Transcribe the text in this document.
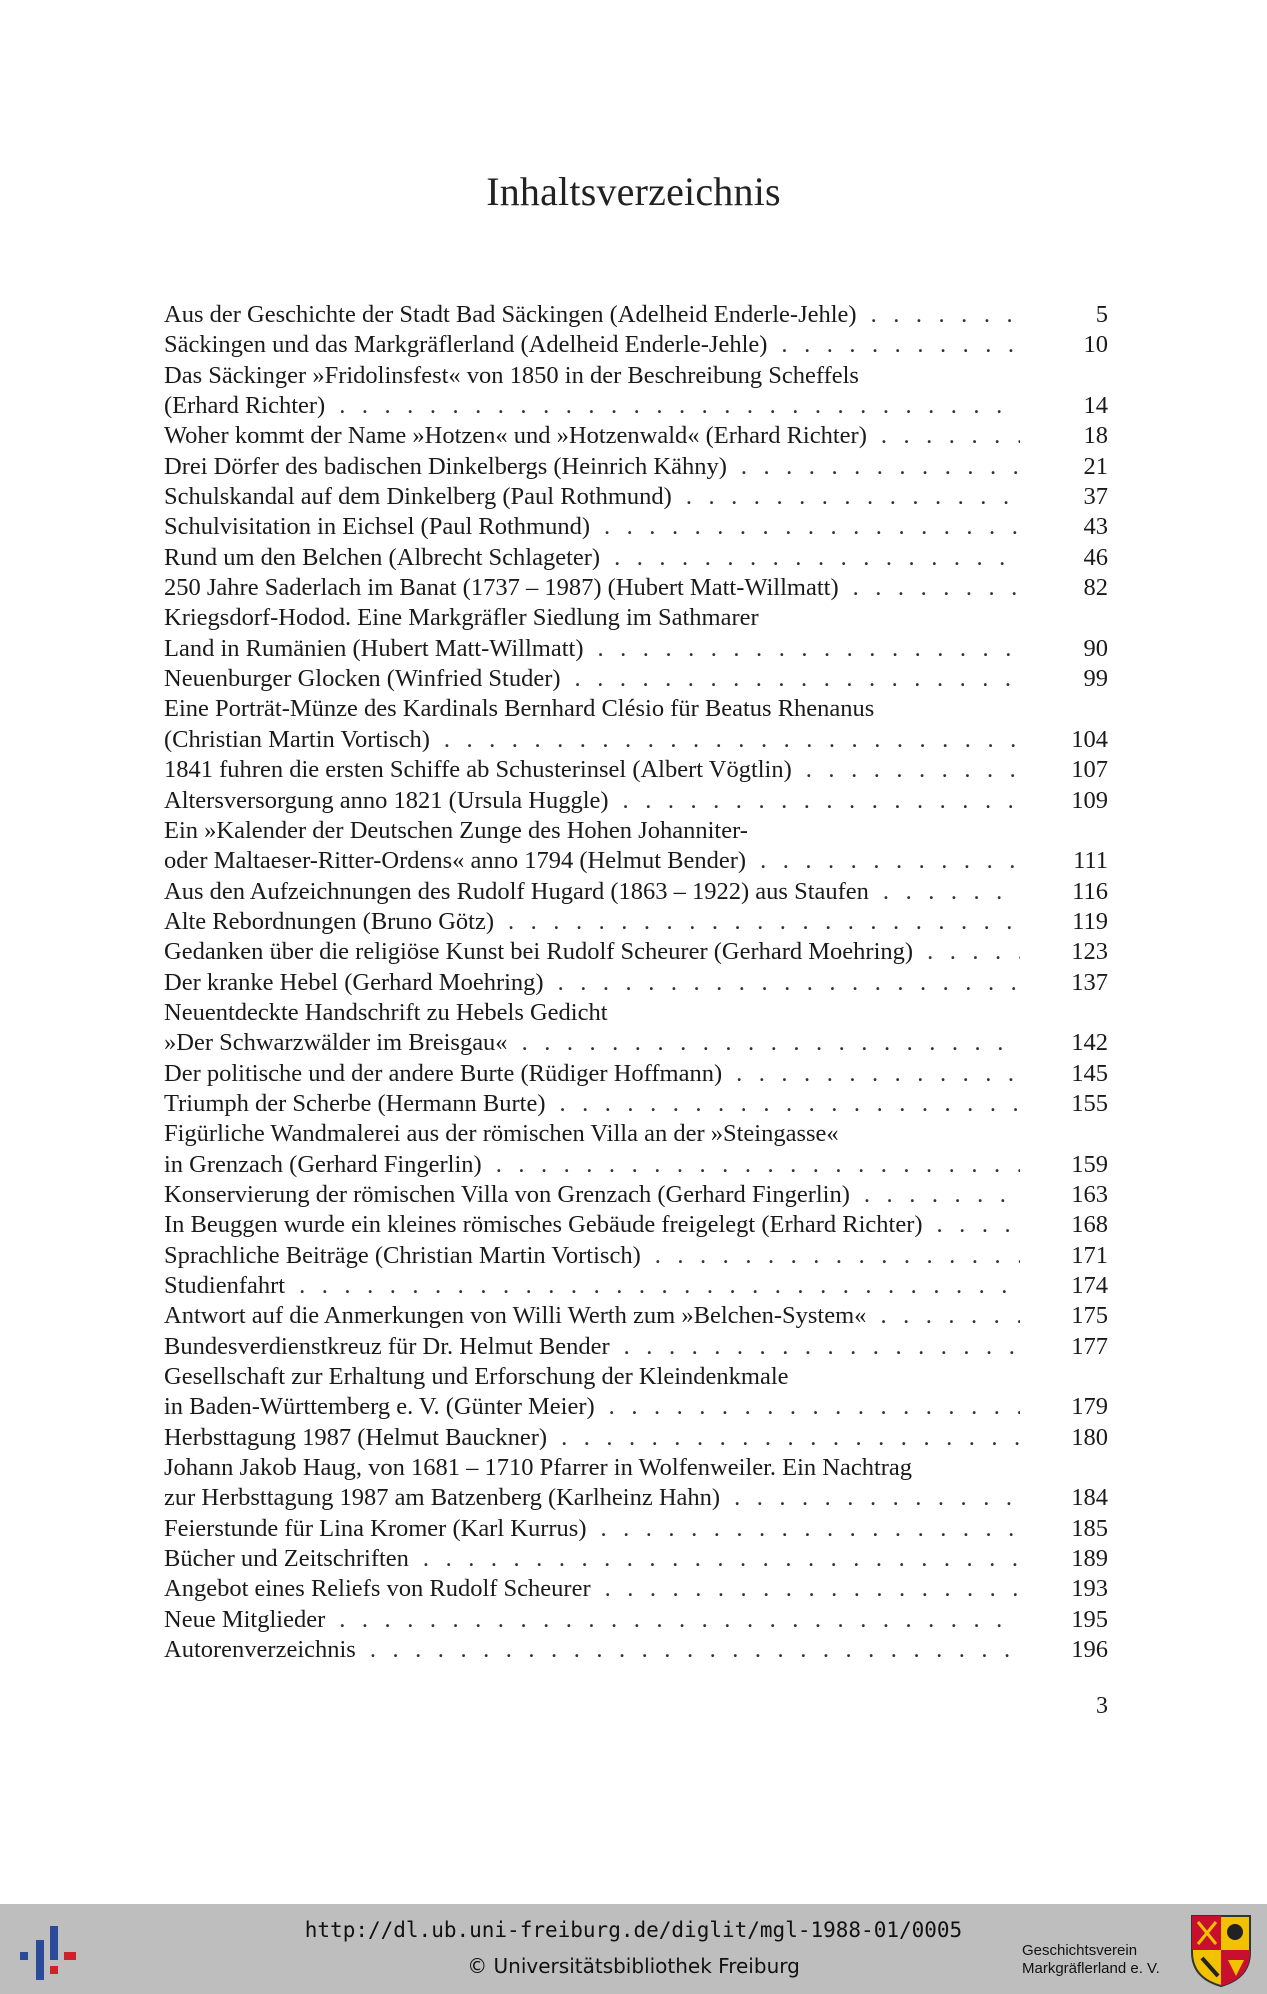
Inhaltsverzeichnis
Aus der Geschichte der Stadt Bad Säckingen (Adelheid Enderle-Jehle) . . .	5
Säckingen und das Markgräflerland (Adelheid Enderle-Jehle) . . .	10
Das Säckinger »Fridolinsfest« von 1850 in der Beschreibung Scheffels
(Erhard Richter) . . .	14
Woher kommt der Name »Hotzen« und »Hotzenwald« (Erhard Richter) . . .	18
Drei Dörfer des badischen Dinkelbergs (Heinrich Kähny) . . .	21
Schulskandal auf dem Dinkelberg (Paul Rothmund) . . .	37
Schulvisitation in Eichsel (Paul Rothmund) . . .	43
Rund um den Belchen (Albrecht Schlageter) . . .	46
250 Jahre Saderlach im Banat (1737 – 1987) (Hubert Matt-Willmatt) . . .	82
Kriegsdorf-Hodod. Eine Markgräfler Siedlung im Sathmarer
Land in Rumänien (Hubert Matt-Willmatt) . . .	90
Neuenburger Glocken (Winfried Studer) . . .	99
Eine Porträt-Münze des Kardinals Bernhard Clésio für Beatus Rhenanus
(Christian Martin Vortisch) . . .	104
1841 fuhren die ersten Schiffe ab Schusterinsel (Albert Vögtlin) . . .	107
Altersversorgung anno 1821 (Ursula Huggle) . . .	109
Ein »Kalender der Deutschen Zunge des Hohen Johanniter-
oder Maltaeser-Ritter-Ordens« anno 1794 (Helmut Bender) . . .	111
Aus den Aufzeichnungen des Rudolf Hugard (1863 – 1922) aus Staufen . . .	116
Alte Rebordnungen (Bruno Götz) . . .	119
Gedanken über die religiöse Kunst bei Rudolf Scheurer (Gerhard Moehring) . . .	123
Der kranke Hebel (Gerhard Moehring) . . .	137
Neuentdeckte Handschrift zu Hebels Gedicht
»Der Schwarzwälder im Breisgau« . . .	142
Der politische und der andere Burte (Rüdiger Hoffmann) . . .	145
Triumph der Scherbe (Hermann Burte) . . .	155
Figürliche Wandmalerei aus der römischen Villa an der »Steingasse«
in Grenzach (Gerhard Fingerlin) . . .	159
Konservierung der römischen Villa von Grenzach (Gerhard Fingerlin) . . .	163
In Beuggen wurde ein kleines römisches Gebäude freigelegt (Erhard Richter) . . .	168
Sprachliche Beiträge (Christian Martin Vortisch) . . .	171
Studienfahrt . . .	174
Antwort auf die Anmerkungen von Willi Werth zum »Belchen-System« . . .	175
Bundesverdienstkreuz für Dr. Helmut Bender . . .	177
Gesellschaft zur Erhaltung und Erforschung der Kleindenkmale
in Baden-Württemberg e. V. (Günter Meier) . . .	179
Herbsttagung 1987 (Helmut Bauckner) . . .	180
Johann Jakob Haug, von 1681 – 1710 Pfarrer in Wolfenweiler. Ein Nachtrag
zur Herbsttagung 1987 am Batzenberg (Karlheinz Hahn) . . .	184
Feierstunde für Lina Kromer (Karl Kurrus) . . .	185
Bücher und Zeitschriften . . .	189
Angebot eines Reliefs von Rudolf Scheurer . . .	193
Neue Mitglieder . . .	195
Autorenverzeichnis . . .	196
3
http://dl.ub.uni-freiburg.de/diglit/mgl-1988-01/0005
© Universitätsbibliothek Freiburg
Geschichtsverein
Markgräflerland e. V.
